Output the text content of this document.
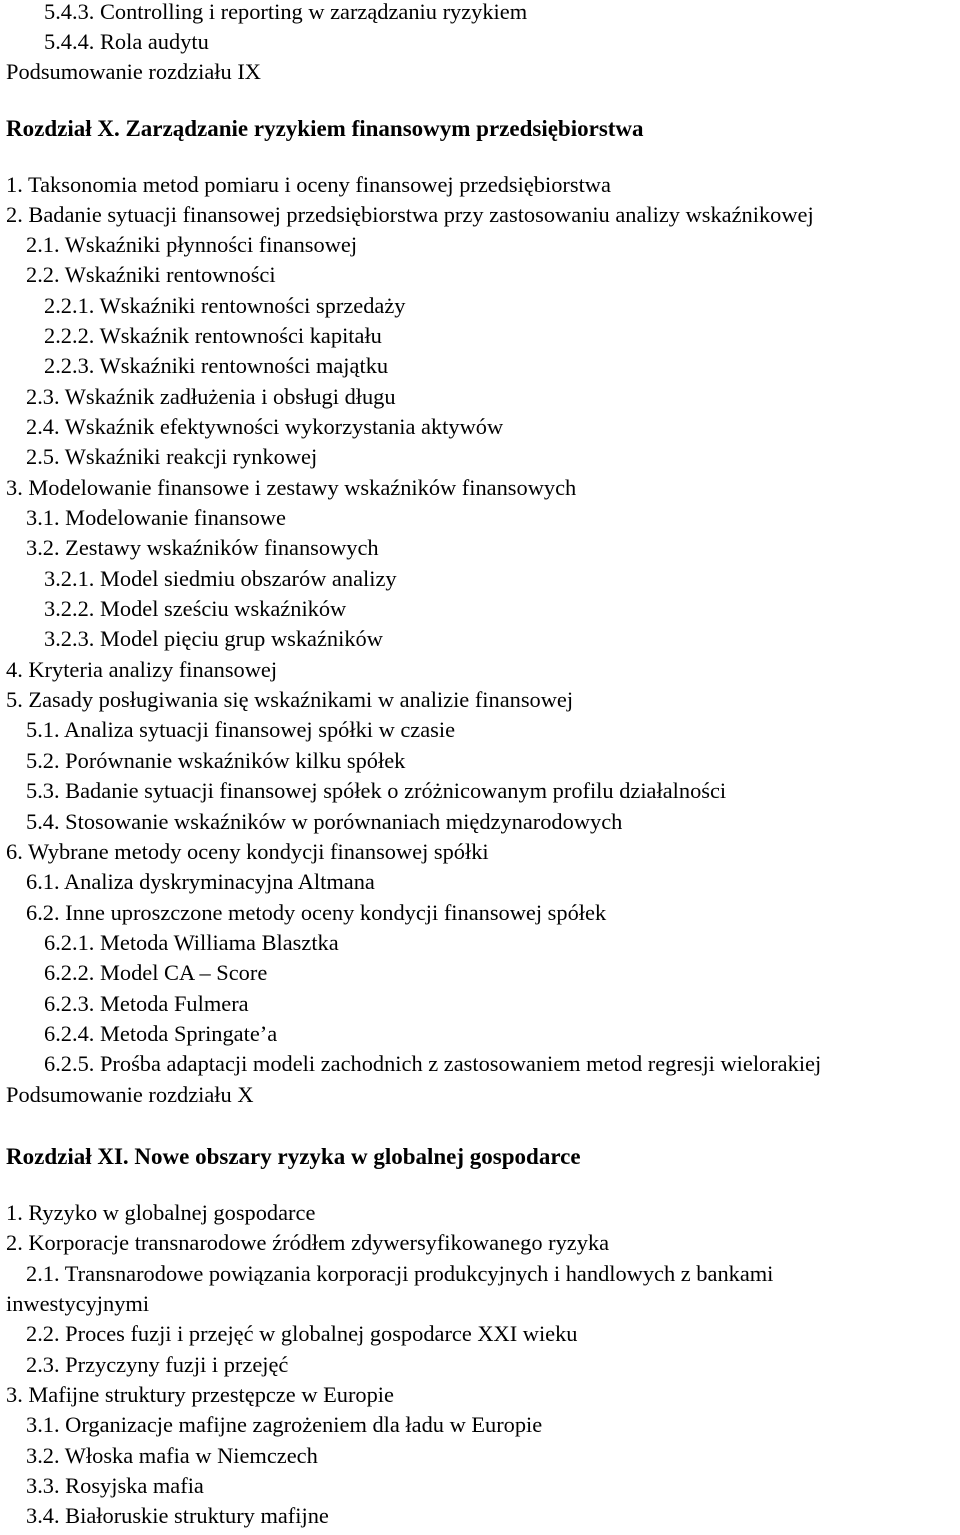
5.4.3. Controlling i reporting w zarządzaniu ryzykiem
5.4.4. Rola audytu
Podsumowanie rozdziału IX
Rozdział X. Zarządzanie ryzykiem finansowym przedsiębiorstwa
1. Taksonomia metod pomiaru i oceny finansowej przedsiębiorstwa
2. Badanie sytuacji finansowej przedsiębiorstwa przy zastosowaniu analizy wskaźnikowej
2.1. Wskaźniki płynności finansowej
2.2. Wskaźniki rentowności
2.2.1. Wskaźniki rentowności sprzedaży
2.2.2. Wskaźnik rentowności kapitału
2.2.3. Wskaźniki rentowności majątku
2.3. Wskaźnik zadłużenia i obsługi długu
2.4. Wskaźnik efektywności wykorzystania aktywów
2.5. Wskaźniki reakcji rynkowej
3. Modelowanie finansowe i zestawy wskaźników finansowych
3.1. Modelowanie finansowe
3.2. Zestawy wskaźników finansowych
3.2.1. Model siedmiu obszarów analizy
3.2.2. Model sześciu wskaźników
3.2.3. Model pięciu grup wskaźników
4. Kryteria analizy finansowej
5. Zasady posługiwania się wskaźnikami w analizie finansowej
5.1. Analiza sytuacji finansowej spółki w czasie
5.2. Porównanie wskaźników kilku spółek
5.3. Badanie sytuacji finansowej spółek o zróżnicowanym profilu działalności
5.4. Stosowanie wskaźników w porównaniach międzynarodowych
6. Wybrane metody oceny kondycji finansowej spółki
6.1. Analiza dyskryminacyjna Altmana
6.2. Inne uproszczone metody oceny kondycji finansowej spółek
6.2.1. Metoda Williama Blasztka
6.2.2. Model CA – Score
6.2.3. Metoda Fulmera
6.2.4. Metoda Springate’a
6.2.5. Prośba adaptacji modeli zachodnich z zastosowaniem metod regresji wielorakiej
Podsumowanie rozdziału X
Rozdział XI. Nowe obszary ryzyka w globalnej gospodarce
1. Ryzyko w globalnej gospodarce
2. Korporacje transnarodowe źródłem zdywersyfikowanego ryzyka
2.1. Transnarodowe powiązania korporacji produkcyjnych i handlowych z bankami
inwestycyjnymi
2.2. Proces fuzji i przejęć w globalnej gospodarce XXI wieku
2.3. Przyczyny fuzji i przejęć
3. Mafijne struktury przestępcze w Europie
3.1. Organizacje mafijne zagrożeniem dla ładu w Europie
3.2. Włoska mafia w Niemczech
3.3. Rosyjska mafia
3.4. Białoruskie struktury mafijne
